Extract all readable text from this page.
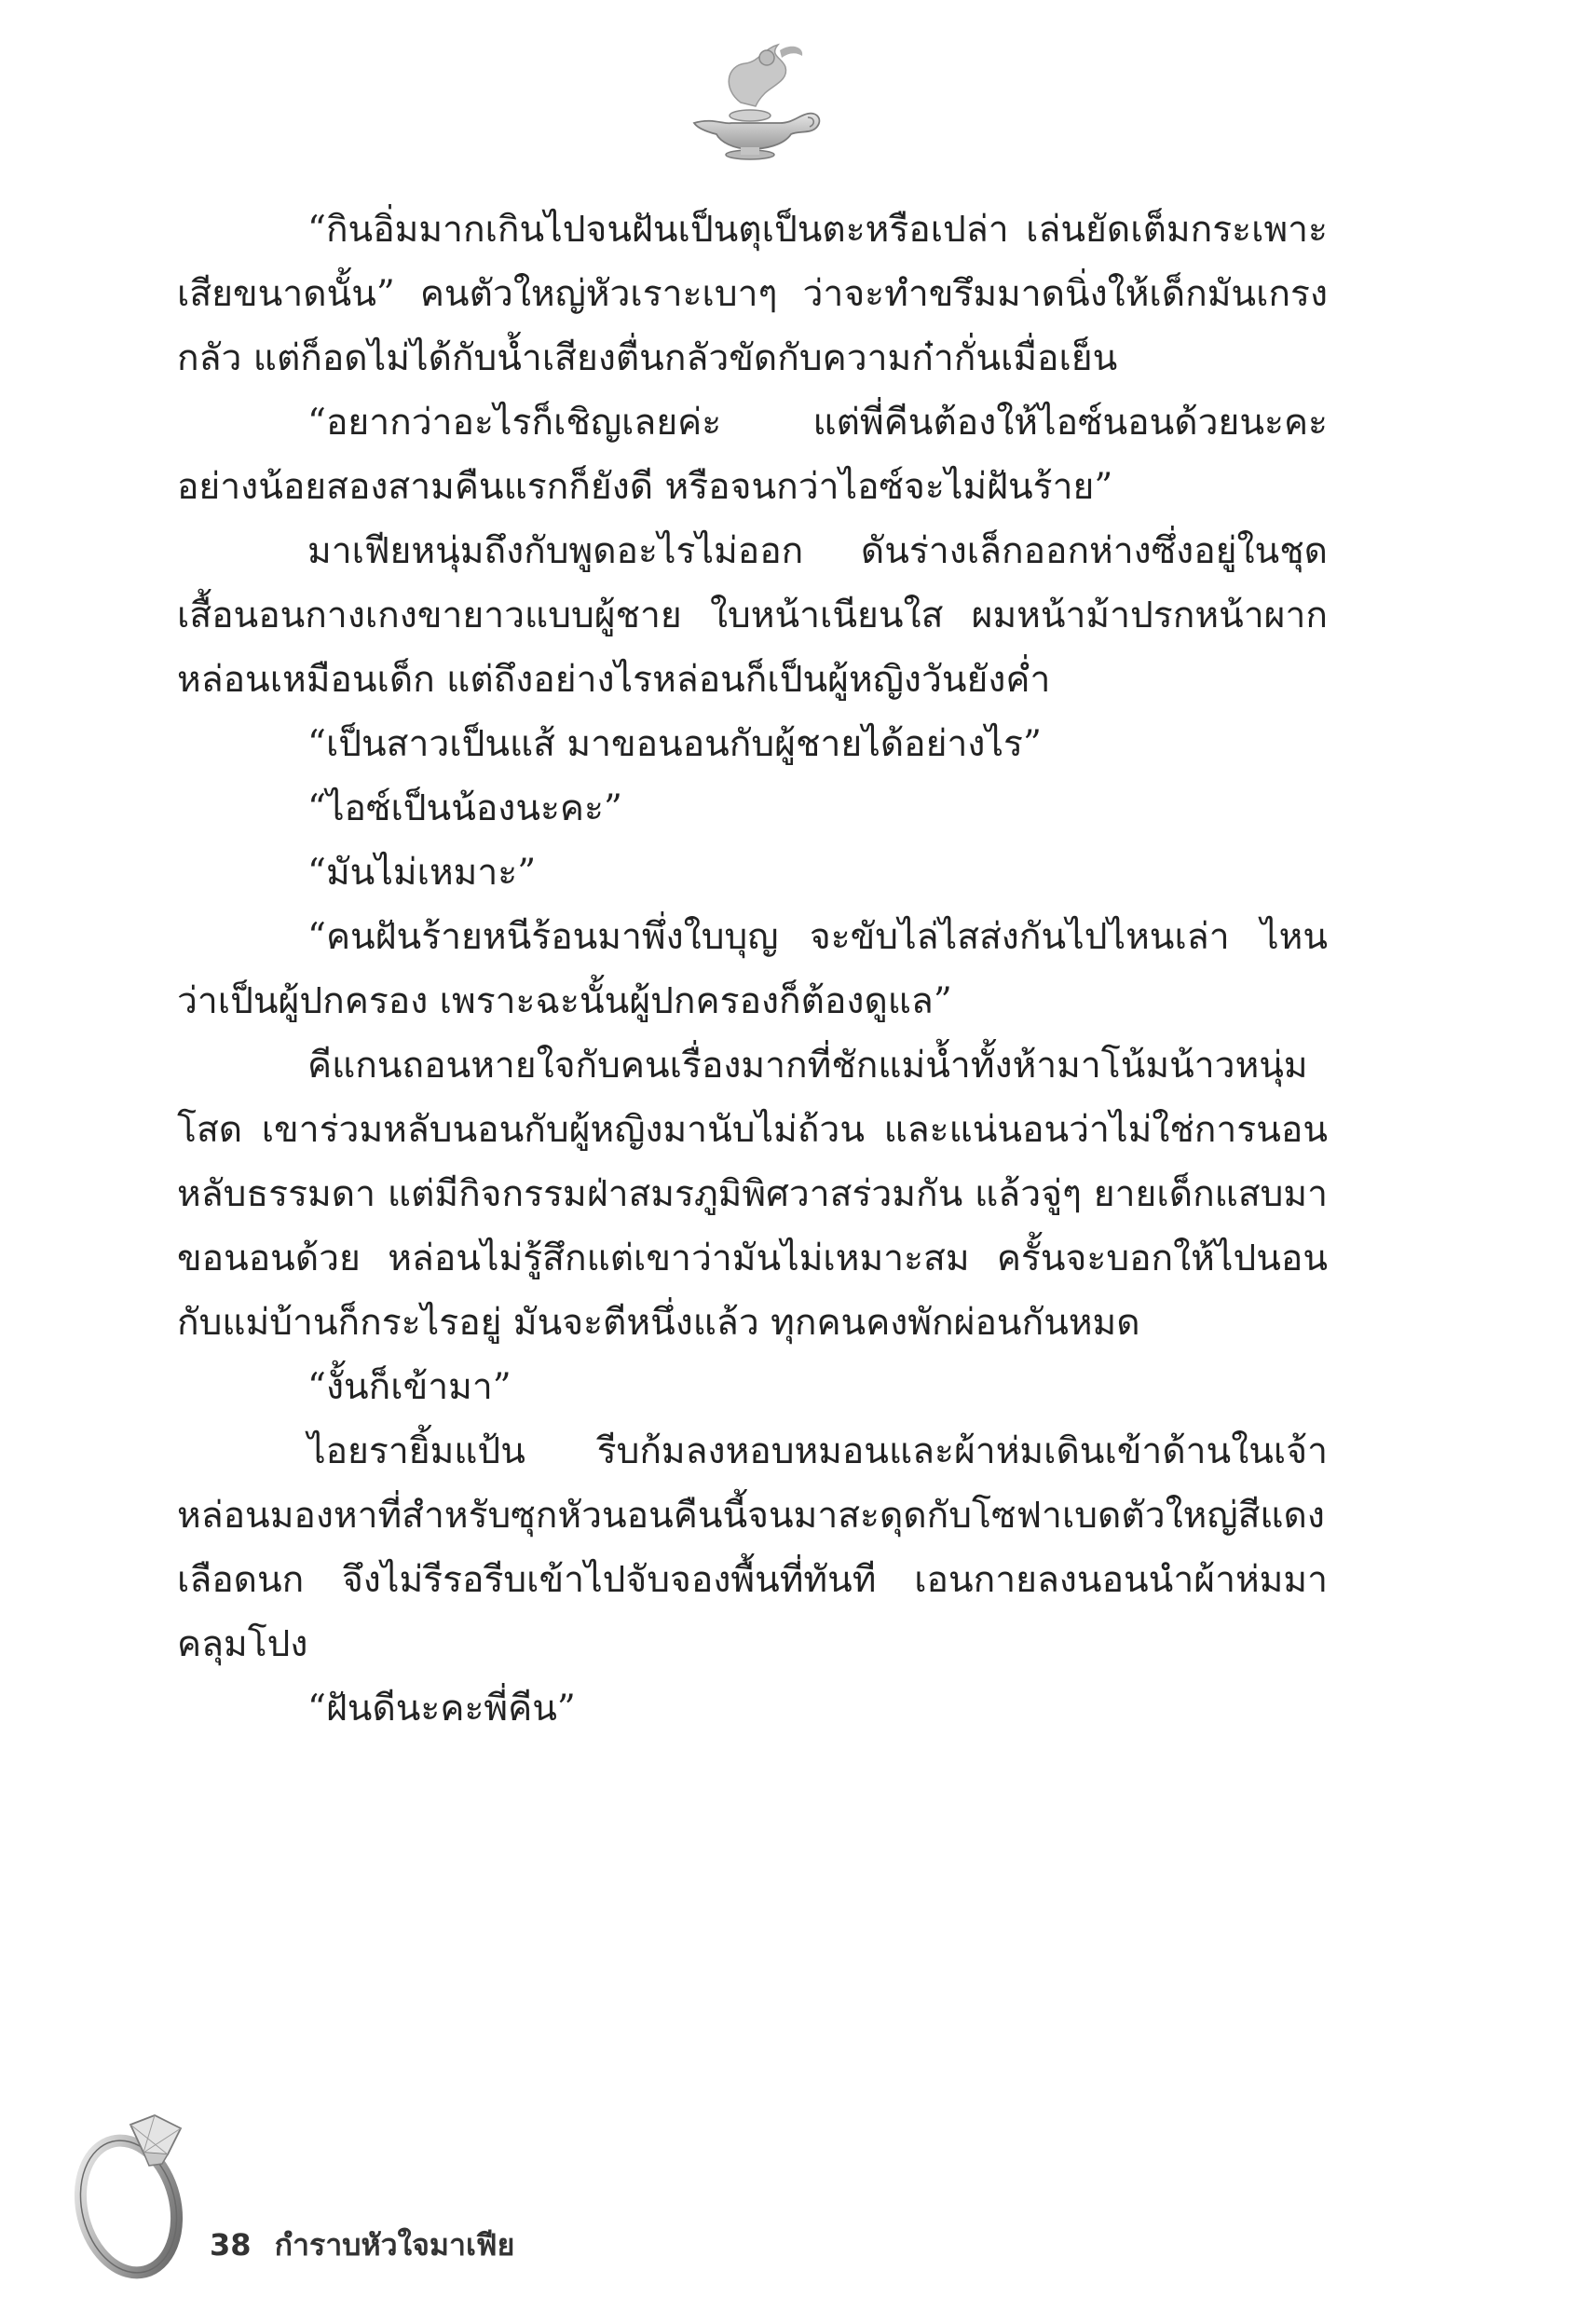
“กินอิ่มมากเกินไปจนฝันเป็นตุเป็นตะหรือเปล่า เล่นยัดเต็มกระเพาะเสียขนาดนั้น” คนตัวใหญ่หัวเราะเบาๆ ว่าจะทำขรึมมาดนิ่งให้เด็กมันเกรงกลัว แต่ก็อดไม่ได้กับน้ำเสียงตื่นกลัวขัดกับความก๋ากั่นเมื่อเย็น

“อยากว่าอะไรก็เชิญเลยค่ะ แต่พี่คีนต้องให้ไอซ์นอนด้วยนะคะ อย่างน้อยสองสามคืนแรกก็ยังดี หรือจนกว่าไอซ์จะไม่ฝันร้าย”

มาเฟียหนุ่มถึงกับพูดอะไรไม่ออก ดันร่างเล็กออกห่างซึ่งอยู่ในชุดเสื้อนอนกางเกงขายาวแบบผู้ชาย ใบหน้าเนียนใส ผมหน้าม้าปรกหน้าผาก หล่อนเหมือนเด็ก แต่ถึงอย่างไรหล่อนก็เป็นผู้หญิงวันยังค่ำ

“เป็นสาวเป็นแส้ มาขอนอนกับผู้ชายได้อย่างไร”

“ไอซ์เป็นน้องนะคะ”

“มันไม่เหมาะ”

“คนฝันร้ายหนีร้อนมาพึ่งใบบุญ จะขับไล่ไสส่งกันไปไหนเล่า ไหนว่าเป็นผู้ปกครอง เพราะฉะนั้นผู้ปกครองก็ต้องดูแล”

คีแกนถอนหายใจกับคนเรื่องมากที่ชักแม่น้ำทั้งห้ามาโน้มน้าวหนุ่มโสด เขาร่วมหลับนอนกับผู้หญิงมานับไม่ถ้วน และแน่นอนว่าไม่ใช่การนอนหลับธรรมดา แต่มีกิจกรรมฝ่าสมรภูมิพิศวาสร่วมกัน แล้วจู่ๆ ยายเด็กแสบมาขอนอนด้วย หล่อนไม่รู้สึกแต่เขาว่ามันไม่เหมาะสม ครั้นจะบอกให้ไปนอนกับแม่บ้านก็กระไรอยู่ มันจะตีหนึ่งแล้ว ทุกคนคงพักผ่อนกันหมด

“งั้นก็เข้ามา”

ไอยรายิ้มแป้น รีบก้มลงหอบหมอนและผ้าห่มเดินเข้าด้านในเจ้าหล่อนมองหาที่สำหรับซุกหัวนอนคืนนี้จนมาสะดุดกับโซฟาเบดตัวใหญ่สีแดงเลือดนก จึงไม่รีรอรีบเข้าไปจับจองพื้นที่ทันที เอนกายลงนอนนำผ้าห่มมาคลุมโปง

“ฝันดีนะคะพี่คีน”

38 กำราบหัวใจมาเฟีย
